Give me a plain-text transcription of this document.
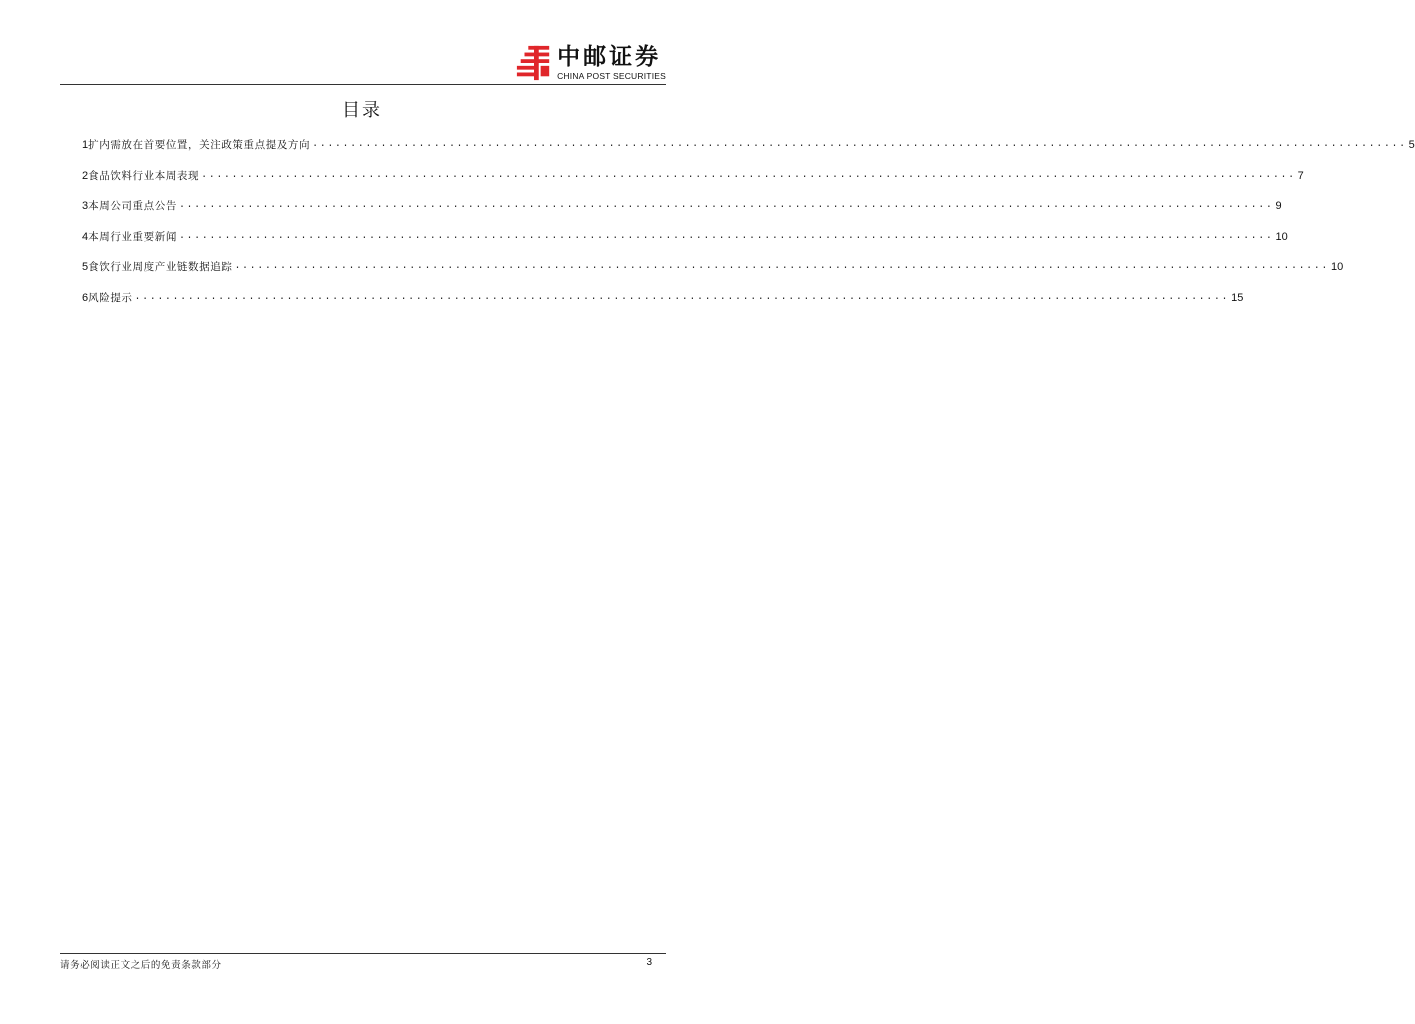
中邮证券
CHINA POST SECURITIES
目录
1 扩内需放在首要位置，关注政策重点提及方向 ................................................................................................................................................ 5
2 食品饮料行业本周表现 ................................................................................................................................................ 7
3 本周公司重点公告 ................................................................................................................................................ 9
4 本周行业重要新闻 ................................................................................................................................................ 10
5 食饮行业周度产业链数据追踪 ................................................................................................................................................ 10
6 风险提示 ................................................................................................................................................ 15
请务必阅读正文之后的免责条款部分	3
